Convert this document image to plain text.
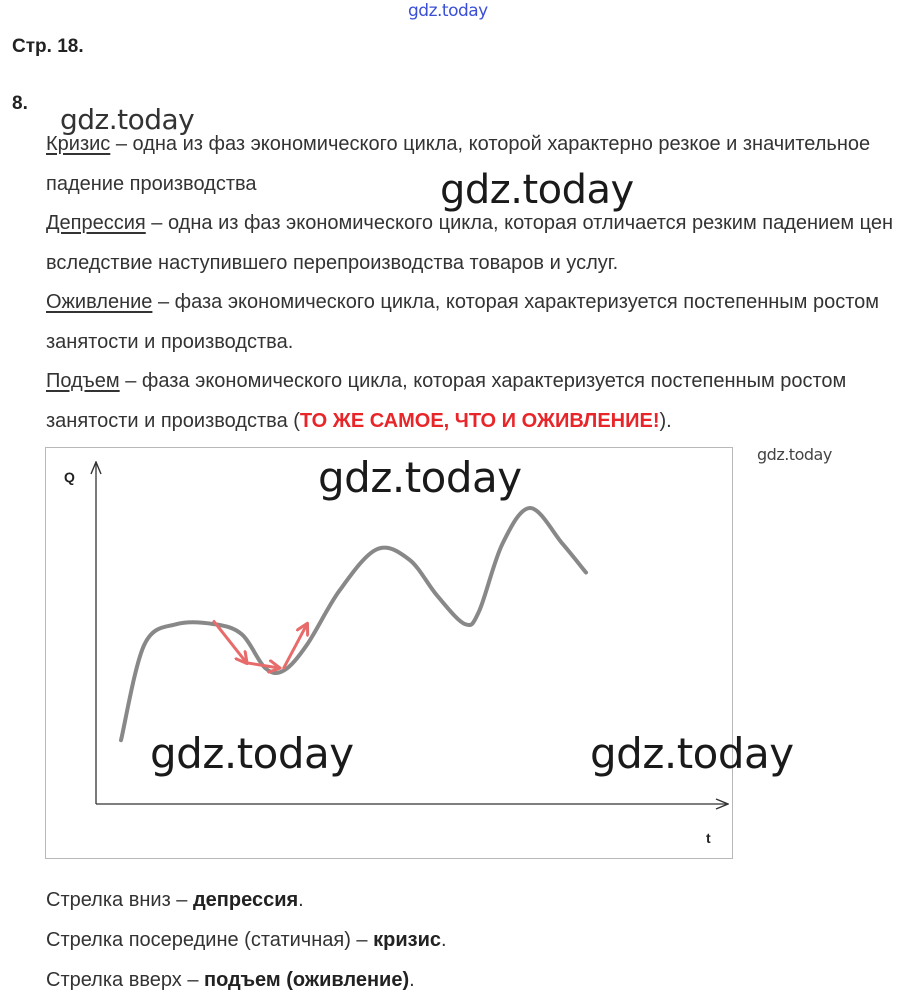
gdz.today
Стр. 18.
8.

Кризис – одна из фаз экономического цикла, которой характерно резкое и значительное падение производства

Депрессия – одна из фаз экономического цикла, которая отличается резким падением цен вследствие наступившего перепроизводства товаров и услуг.

Оживление – фаза экономического цикла, которая характеризуется постепенным ростом занятости и производства.

Подъем – фаза экономического цикла, которая характеризуется постепенным ростом занятости и производства (ТО ЖЕ САМОЕ, ЧТО И ОЖИВЛЕНИЕ!).

Q
t
gdz.today
gdz.today
gdz.today
gdz.today
gdz.today	gdz.today

Стрелка вниз – депрессия.

Стрелка посередине (статичная) – кризис.

Стрелка вверх – подъем (оживление).
